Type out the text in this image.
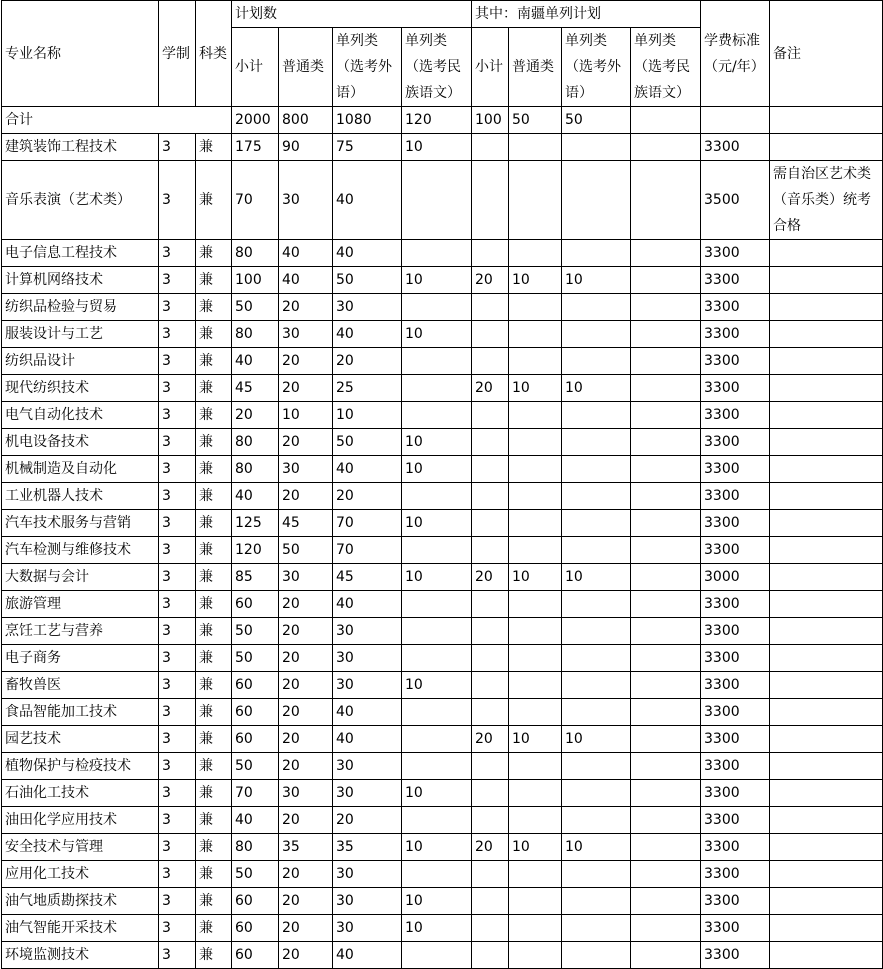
专业名称	学制	科类	计划数				其中：南疆单列计划				学费标准（元/年）	备注
			小计	普通类	单列类（选考外语）	单列类（选考民族语文）	小计	普通类	单列类（选考外语）	单列类（选考民族语文）		
合计			2000	800	1080	120	100	50	50			
建筑装饰工程技术	3	兼	175	90	75	10					3300	
音乐表演（艺术类）	3	兼	70	30	40						3500	需自治区艺术类（音乐类）统考合格
电子信息工程技术	3	兼	80	40	40						3300	
计算机网络技术	3	兼	100	40	50	10	20	10	10		3300	
纺织品检验与贸易	3	兼	50	20	30						3300	
服装设计与工艺	3	兼	80	30	40	10					3300	
纺织品设计	3	兼	40	20	20						3300	
现代纺织技术	3	兼	45	20	25		20	10	10		3300	
电气自动化技术	3	兼	20	10	10						3300	
机电设备技术	3	兼	80	20	50	10					3300	
机械制造及自动化	3	兼	80	30	40	10					3300	
工业机器人技术	3	兼	40	20	20						3300	
汽车技术服务与营销	3	兼	125	45	70	10					3300	
汽车检测与维修技术	3	兼	120	50	70						3300	
大数据与会计	3	兼	85	30	45	10	20	10	10		3000	
旅游管理	3	兼	60	20	40						3300	
烹饪工艺与营养	3	兼	50	20	30						3300	
电子商务	3	兼	50	20	30						3300	
畜牧兽医	3	兼	60	20	30	10					3300	
食品智能加工技术	3	兼	60	20	40						3300	
园艺技术	3	兼	60	20	40		20	10	10		3300	
植物保护与检疫技术	3	兼	50	20	30						3300	
石油化工技术	3	兼	70	30	30	10					3300	
油田化学应用技术	3	兼	40	20	20						3300	
安全技术与管理	3	兼	80	35	35	10	20	10	10		3300	
应用化工技术	3	兼	50	20	30						3300	
油气地质勘探技术	3	兼	60	20	30	10					3300	
油气智能开采技术	3	兼	60	20	30	10					3300	
环境监测技术	3	兼	60	20	40						3300	
